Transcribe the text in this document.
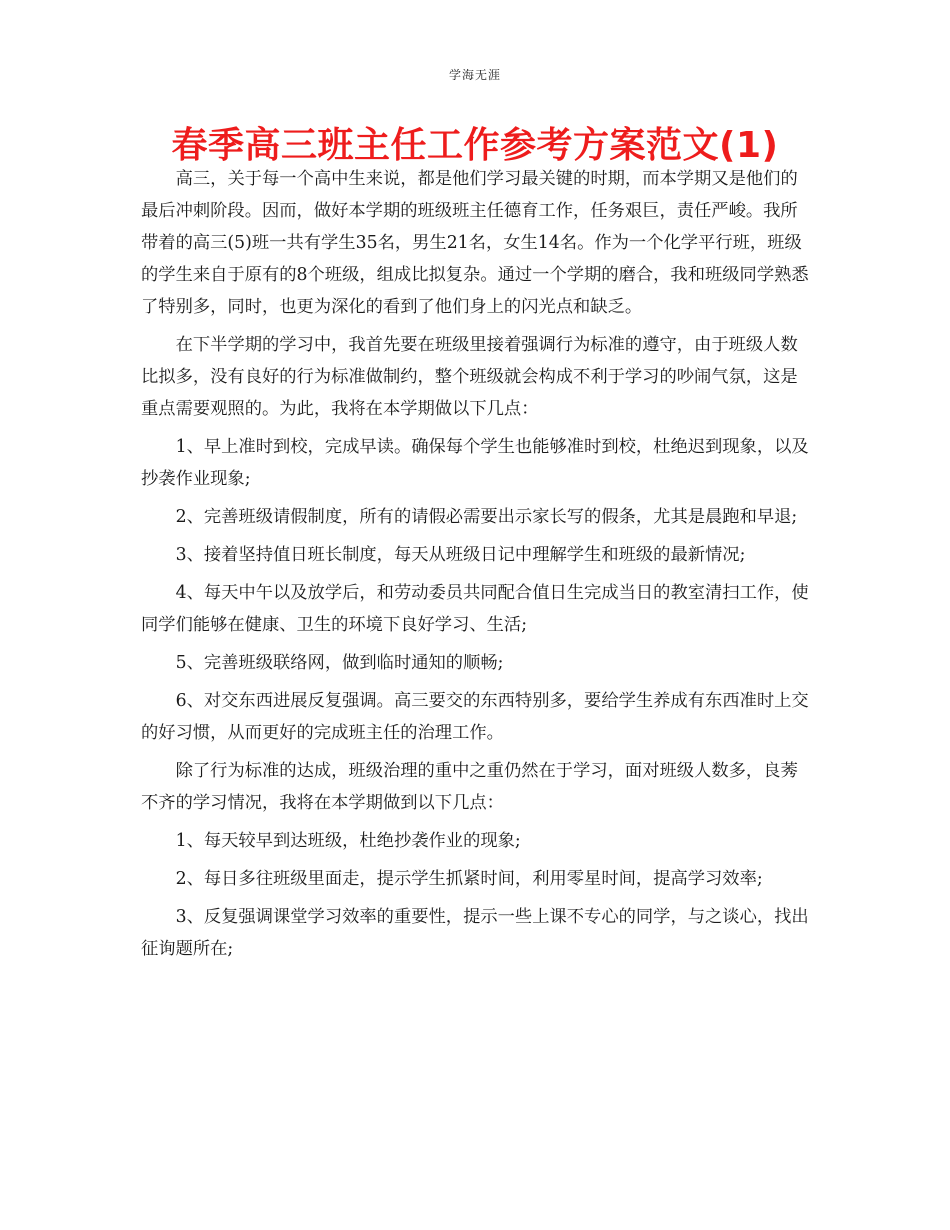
学海无涯
春季高三班主任工作参考方案范文(1)

高三，关于每一个高中生来说，都是他们学习最关键的时期，而本学期又是他们的最后冲刺阶段。因而，做好本学期的班级班主任德育工作，任务艰巨，责任严峻。我所带着的高三(5)班一共有学生35名，男生21名，女生14名。作为一个化学平行班，班级的学生来自于原有的8个班级，组成比拟复杂。通过一个学期的磨合，我和班级同学熟悉了特别多，同时，也更为深化的看到了他们身上的闪光点和缺乏。

在下半学期的学习中，我首先要在班级里接着强调行为标准的遵守，由于班级人数比拟多，没有良好的行为标准做制约，整个班级就会构成不利于学习的吵闹气氛，这是重点需要观照的。为此，我将在本学期做以下几点：

1、早上准时到校，完成早读。确保每个学生也能够准时到校，杜绝迟到现象，以及抄袭作业现象;

2、完善班级请假制度，所有的请假必需要出示家长写的假条，尤其是晨跑和早退;

3、接着坚持值日班长制度，每天从班级日记中理解学生和班级的最新情况;

4、每天中午以及放学后，和劳动委员共同配合值日生完成当日的教室清扫工作，使同学们能够在健康、卫生的环境下良好学习、生活;

5、完善班级联络网，做到临时通知的顺畅;

6、对交东西进展反复强调。高三要交的东西特别多，要给学生养成有东西准时上交的好习惯，从而更好的完成班主任的治理工作。

除了行为标准的达成，班级治理的重中之重仍然在于学习，面对班级人数多，良莠不齐的学习情况，我将在本学期做到以下几点：

1、每天较早到达班级，杜绝抄袭作业的现象;

2、每日多往班级里面走，提示学生抓紧时间，利用零星时间，提高学习效率;

3、反复强调课堂学习效率的重要性，提示一些上课不专心的同学，与之谈心，找出征询题所在;
